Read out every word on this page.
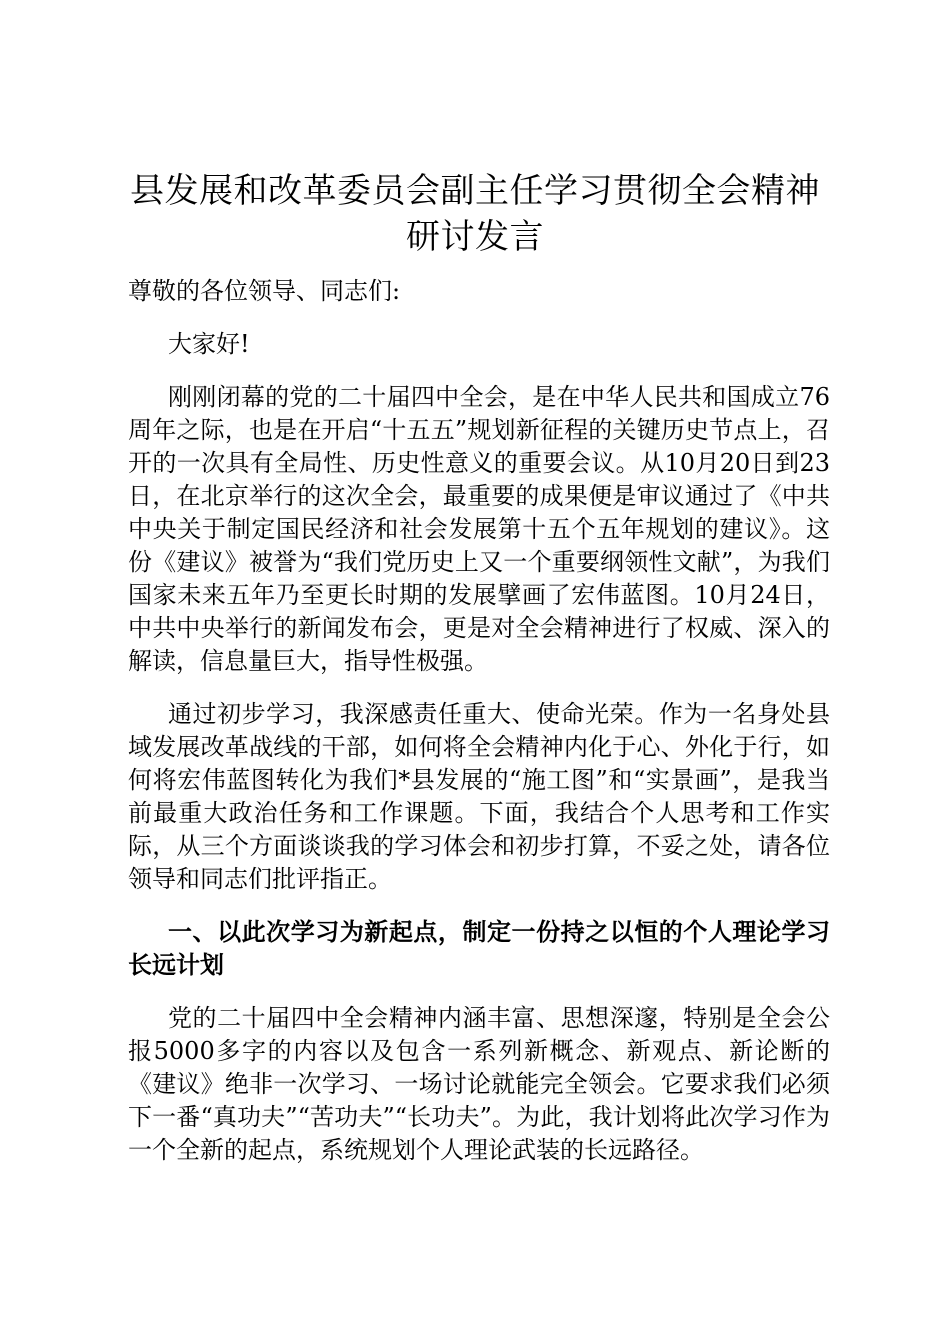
县发展和改革委员会副主任学习贯彻全会精神
研讨发言

尊敬的各位领导、同志们:

大家好!

刚刚闭幕的党的二十届四中全会，是在中华人民共和国成立76周年之际，也是在开启“十五五”规划新征程的关键历史节点上，召开的一次具有全局性、历史性意义的重要会议。从10月20日到23日，在北京举行的这次全会，最重要的成果便是审议通过了《中共中央关于制定国民经济和社会发展第十五个五年规划的建议》。这份《建议》被誉为“我们党历史上又一个重要纲领性文献”，为我们国家未来五年乃至更长时期的发展擘画了宏伟蓝图。10月24日，中共中央举行的新闻发布会，更是对全会精神进行了权威、深入的解读，信息量巨大，指导性极强。

通过初步学习，我深感责任重大、使命光荣。作为一名身处县域发展改革战线的干部，如何将全会精神内化于心、外化于行，如何将宏伟蓝图转化为我们*县发展的“施工图”和“实景画”，是我当前最重大政治任务和工作课题。下面，我结合个人思考和工作实际，从三个方面谈谈我的学习体会和初步打算，不妥之处，请各位领导和同志们批评指正。

一、以此次学习为新起点，制定一份持之以恒的个人理论学习长远计划

党的二十届四中全会精神内涵丰富、思想深邃，特别是全会公报5000多字的内容以及包含一系列新概念、新观点、新论断的《建议》绝非一次学习、一场讨论就能完全领会。它要求我们必须下一番“真功夫”“苦功夫”“长功夫”。为此，我计划将此次学习作为一个全新的起点，系统规划个人理论武装的长远路径。
